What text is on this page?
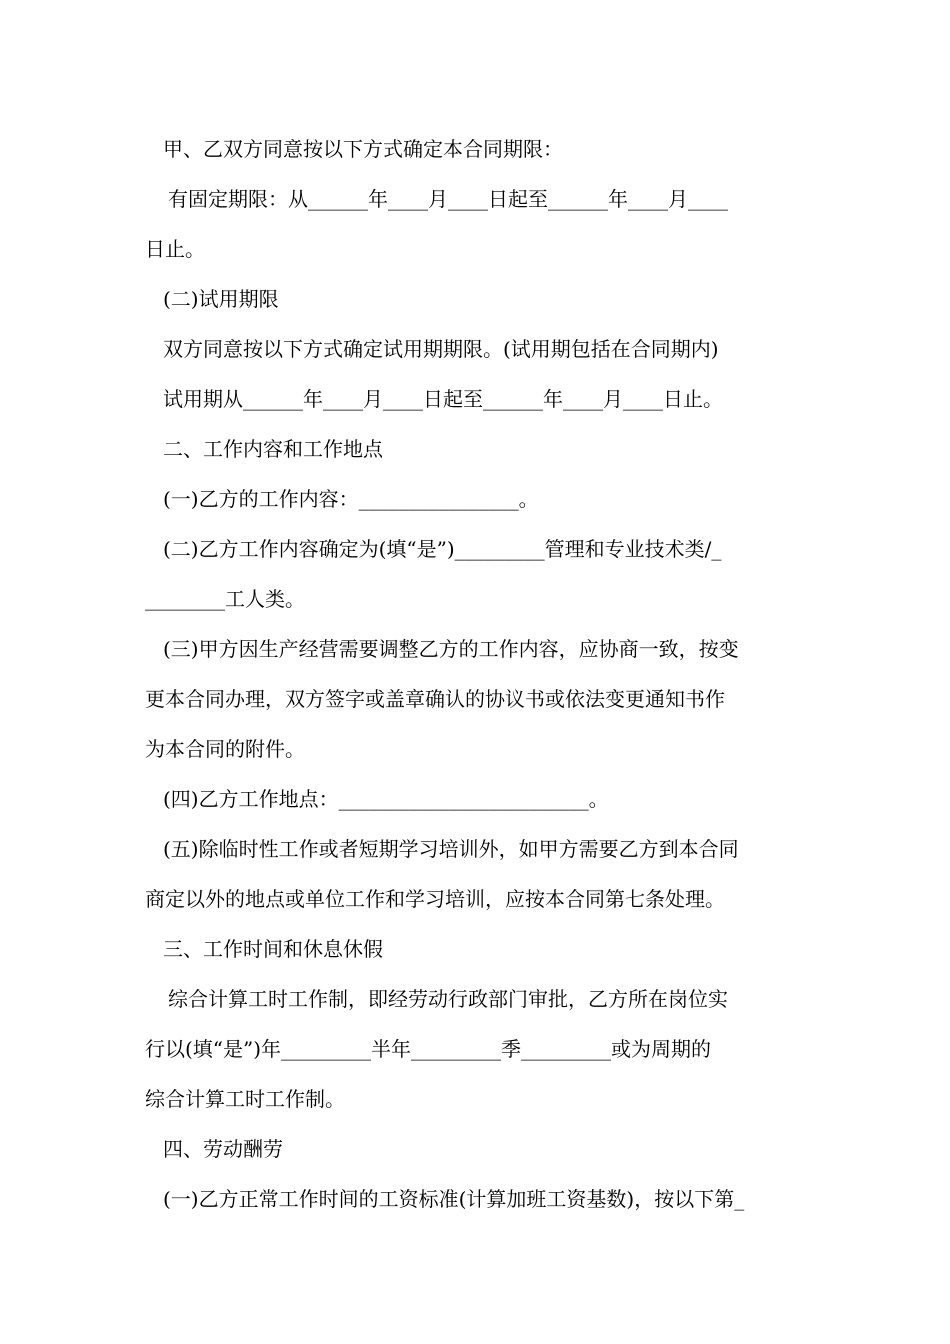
甲、乙双方同意按以下方式确定本合同期限：
有固定期限：从______年____月____日起至______年____月____
日止。
(二)试用期限
双方同意按以下方式确定试用期期限。(试用期包括在合同期内)
试用期从______年____月____日起至______年____月____日止。
二、工作内容和工作地点
(一)乙方的工作内容：________________。
(二)乙方工作内容确定为(填“是”)_________管理和专业技术类/_
________工人类。
(三)甲方因生产经营需要调整乙方的工作内容，应协商一致，按变
更本合同办理，双方签字或盖章确认的协议书或依法变更通知书作
为本合同的附件。
(四)乙方工作地点：_________________________。
(五)除临时性工作或者短期学习培训外，如甲方需要乙方到本合同
商定以外的地点或单位工作和学习培训，应按本合同第七条处理。
三、工作时间和休息休假
综合计算工时工作制，即经劳动行政部门审批，乙方所在岗位实
行以(填“是”)年_________半年_________季_________或为周期的
综合计算工时工作制。
四、劳动酬劳
(一)乙方正常工作时间的工资标准(计算加班工资基数)，按以下第_
